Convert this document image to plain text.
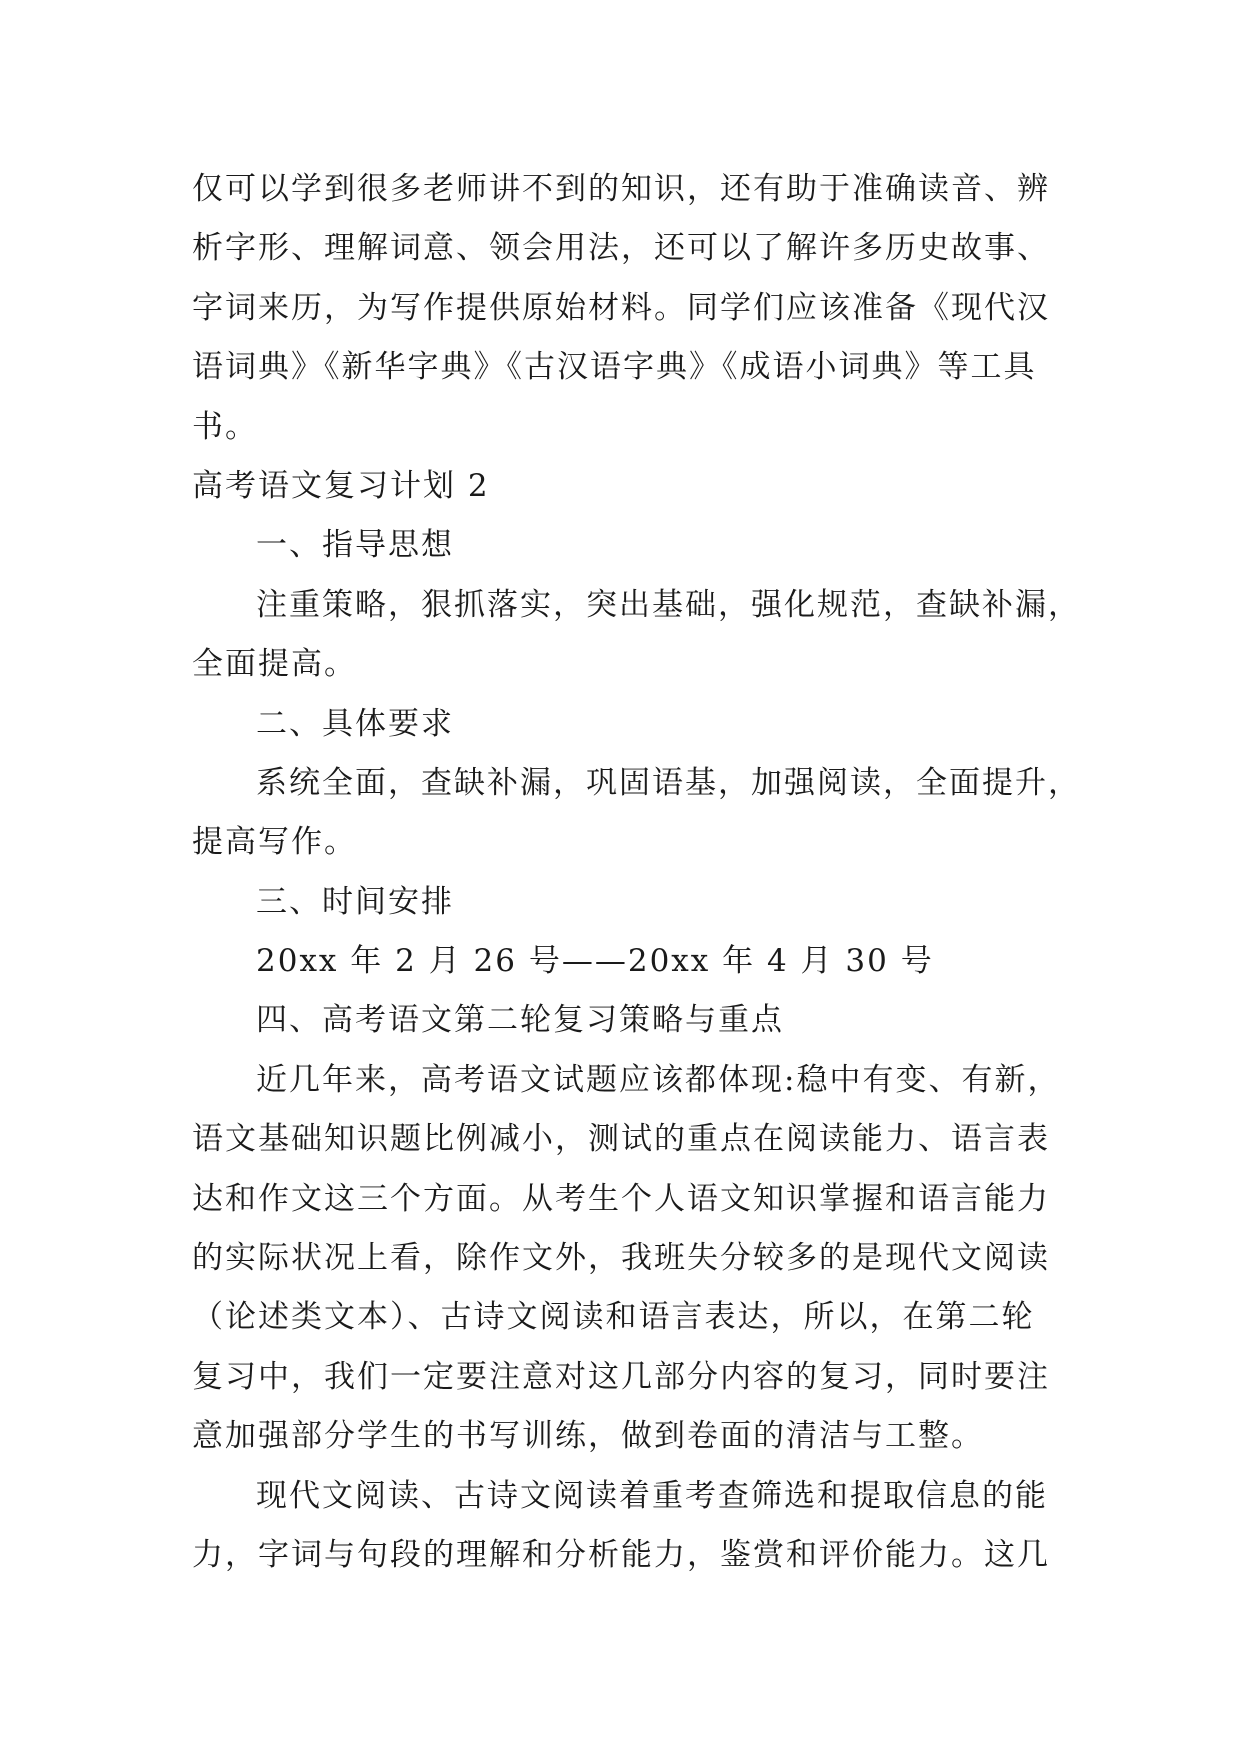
仅可以学到很多老师讲不到的知识，还有助于准确读音、辨
析字形、理解词意、领会用法，还可以了解许多历史故事、
字词来历，为写作提供原始材料。同学们应该准备《现代汉
语词典》《新华字典》《古汉语字典》《成语小词典》等工具
书。
高考语文复习计划 2
一、指导思想
注重策略，狠抓落实，突出基础，强化规范，查缺补漏，
全面提高。
二、具体要求
系统全面，查缺补漏，巩固语基，加强阅读，全面提升，
提高写作。
三、时间安排
20xx 年 2 月 26 号——20xx 年 4 月 30 号
四、高考语文第二轮复习策略与重点
近几年来，高考语文试题应该都体现:稳中有变、有新，
语文基础知识题比例减小，测试的重点在阅读能力、语言表
达和作文这三个方面。从考生个人语文知识掌握和语言能力
的实际状况上看，除作文外，我班失分较多的是现代文阅读
（论述类文本）、古诗文阅读和语言表达，所以，在第二轮
复习中，我们一定要注意对这几部分内容的复习，同时要注
意加强部分学生的书写训练，做到卷面的清洁与工整。
现代文阅读、古诗文阅读着重考查筛选和提取信息的能
力，字词与句段的理解和分析能力，鉴赏和评价能力。这几
